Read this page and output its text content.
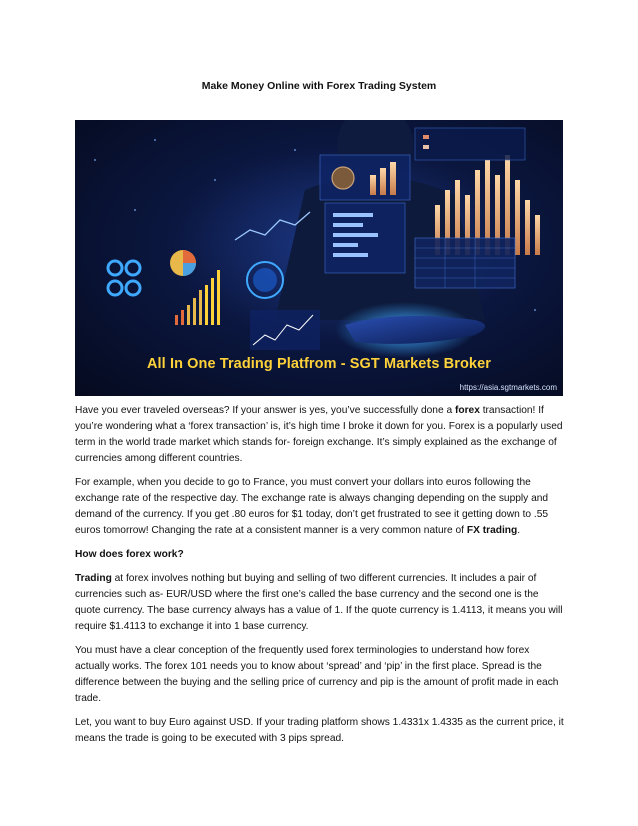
Make Money Online with Forex Trading System
All In One Trading Platfrom - SGT Markets Broker
https://asia.sgtmarkets.com

Have you ever traveled overseas? If your answer is yes, you’ve successfully done a forex transaction! If you’re wondering what a ‘forex transaction’ is, it’s high time I broke it down for you. Forex is a popularly used term in the world trade market which stands for- foreign exchange. It’s simply explained as the exchange of currencies among different countries.

For example, when you decide to go to France, you must convert your dollars into euros following the exchange rate of the respective day. The exchange rate is always changing depending on the supply and demand of the currency. If you get .80 euros for $1 today, don’t get frustrated to see it getting down to .55 euros tomorrow! Changing the rate at a consistent manner is a very common nature of FX trading.

How does forex work?

Trading at forex involves nothing but buying and selling of two different currencies. It includes a pair of currencies such as- EUR/USD where the first one’s called the base currency and the second one is the quote currency. The base currency always has a value of 1. If the quote currency is 1.4113, it means you will require $1.4113 to exchange it into 1 base currency.

You must have a clear conception of the frequently used forex terminologies to understand how forex actually works. The forex 101 needs you to know about ‘spread’ and ‘pip’ in the first place. Spread is the difference between the buying and the selling price of currency and pip is the amount of profit made in each trade.

Let, you want to buy Euro against USD. If your trading platform shows 1.4331x 1.4335 as the current price, it means the trade is going to be executed with 3 pips spread.
